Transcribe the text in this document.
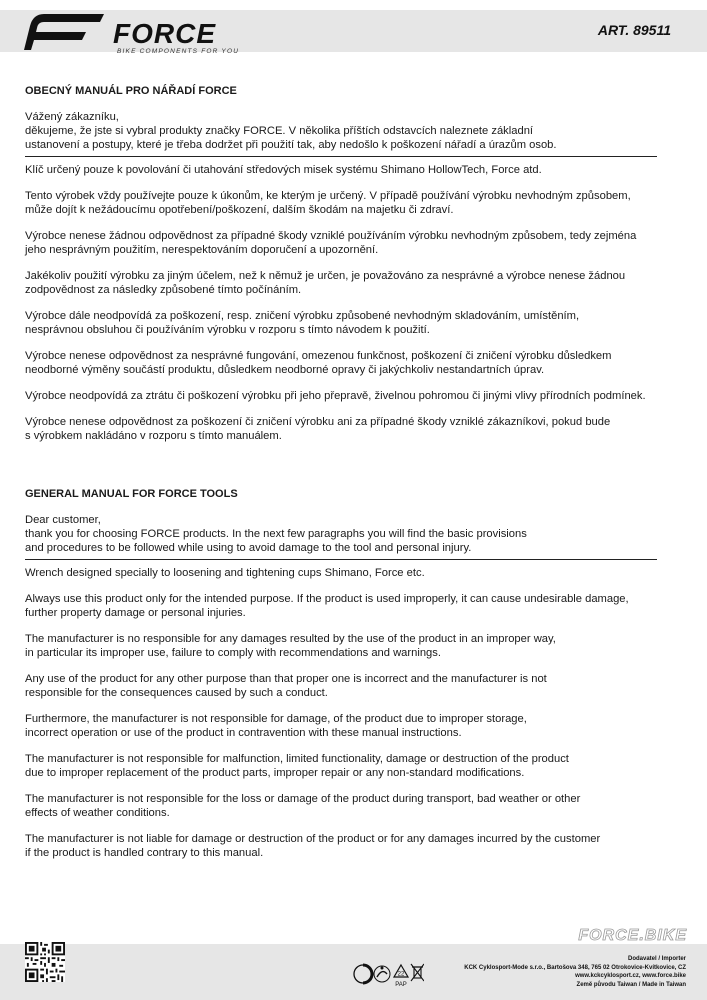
FORCE
BIKE COMPONENTS FOR YOU
ART. 89511
OBECNÝ MANUÁL PRO NÁŘADÍ FORCE
Vážený zákazníku,
děkujeme, že jste si vybral produkty značky FORCE. V několika příštích odstavcích naleznete základní
ustanovení a postupy, které je třeba dodržet při použití tak, aby nedošlo k poškození nářadí a úrazům osob.
Klíč určený pouze k povolování či utahování středových misek systému Shimano HollowTech, Force atd.
Tento výrobek vždy používejte pouze k úkonům, ke kterým je určený. V případě používání výrobku nevhodným způsobem,
může dojít k nežádoucímu opotřebení/poškození, dalším škodám na majetku či zdraví.
Výrobce nenese žádnou odpovědnost za případné škody vzniklé používáním výrobku nevhodným způsobem, tedy zejména
jeho nesprávným použitím, nerespektováním doporučení a upozornění.
Jakékoliv použití výrobku za jiným účelem, než k němuž je určen, je považováno za nesprávné a výrobce nenese žádnou
zodpovědnost za následky způsobené tímto počínáním.
Výrobce dále neodpovídá za poškození, resp. zničení výrobku způsobené nevhodným skladováním, umístěním,
nesprávnou obsluhou či používáním výrobku v rozporu s tímto návodem k použití.
Výrobce nenese odpovědnost za nesprávné fungování, omezenou funkčnost, poškození či zničení výrobku důsledkem
neodborné výměny součástí produktu, důsledkem neodborné opravy či jakýchkoliv nestandartních úprav.
Výrobce neodpovídá za ztrátu či poškození výrobku při jeho přepravě, živelnou pohromou či jinými vlivy přírodních podmínek.
Výrobce nenese odpovědnost za poškození či zničení výrobku ani za případné škody vzniklé zákazníkovi, pokud bude
s výrobkem nakládáno v rozporu s tímto manuálem.
GENERAL MANUAL FOR FORCE TOOLS
Dear customer,
thank you for choosing FORCE products. In the next few paragraphs you will find the basic provisions
and procedures to be followed while using to avoid damage to the tool and personal injury.
Wrench designed specially to loosening and tightening cups Shimano, Force etc.
Always use this product only for the intended purpose. If the product is used improperly, it can cause undesirable damage,
further property damage or personal injuries.
The manufacturer is no responsible for any damages resulted by the use of the product in an improper way,
in particular its improper use, failure to comply with recommendations and warnings.
Any use of the product for any other purpose than that proper one is incorrect and the manufacturer is not
responsible for the consequences caused by such a conduct.
Furthermore, the manufacturer is not responsible for damage, of the product due to improper storage,
incorrect operation or use of the product in contravention with these manual instructions.
The manufacturer is not responsible for malfunction, limited functionality, damage or destruction of the product
due to improper replacement of the product parts, improper repair or any non-standard modifications.
The manufacturer is not responsible for the loss or damage of the product during transport, bad weather or other
effects of weather conditions.
The manufacturer is not liable for damage or destruction of the product or for any damages incurred by the customer
if the product is handled contrary to this manual.
FORCE.BIKE
22
PAP
Dodavatel / Importer
KCK Cyklosport-Mode s.r.o., Bartošova 348, 765 02 Otrokovice-Kvítkovice, CZ
www.kckcyklosport.cz, www.force.bike
Země původu Taiwan / Made in Taiwan
